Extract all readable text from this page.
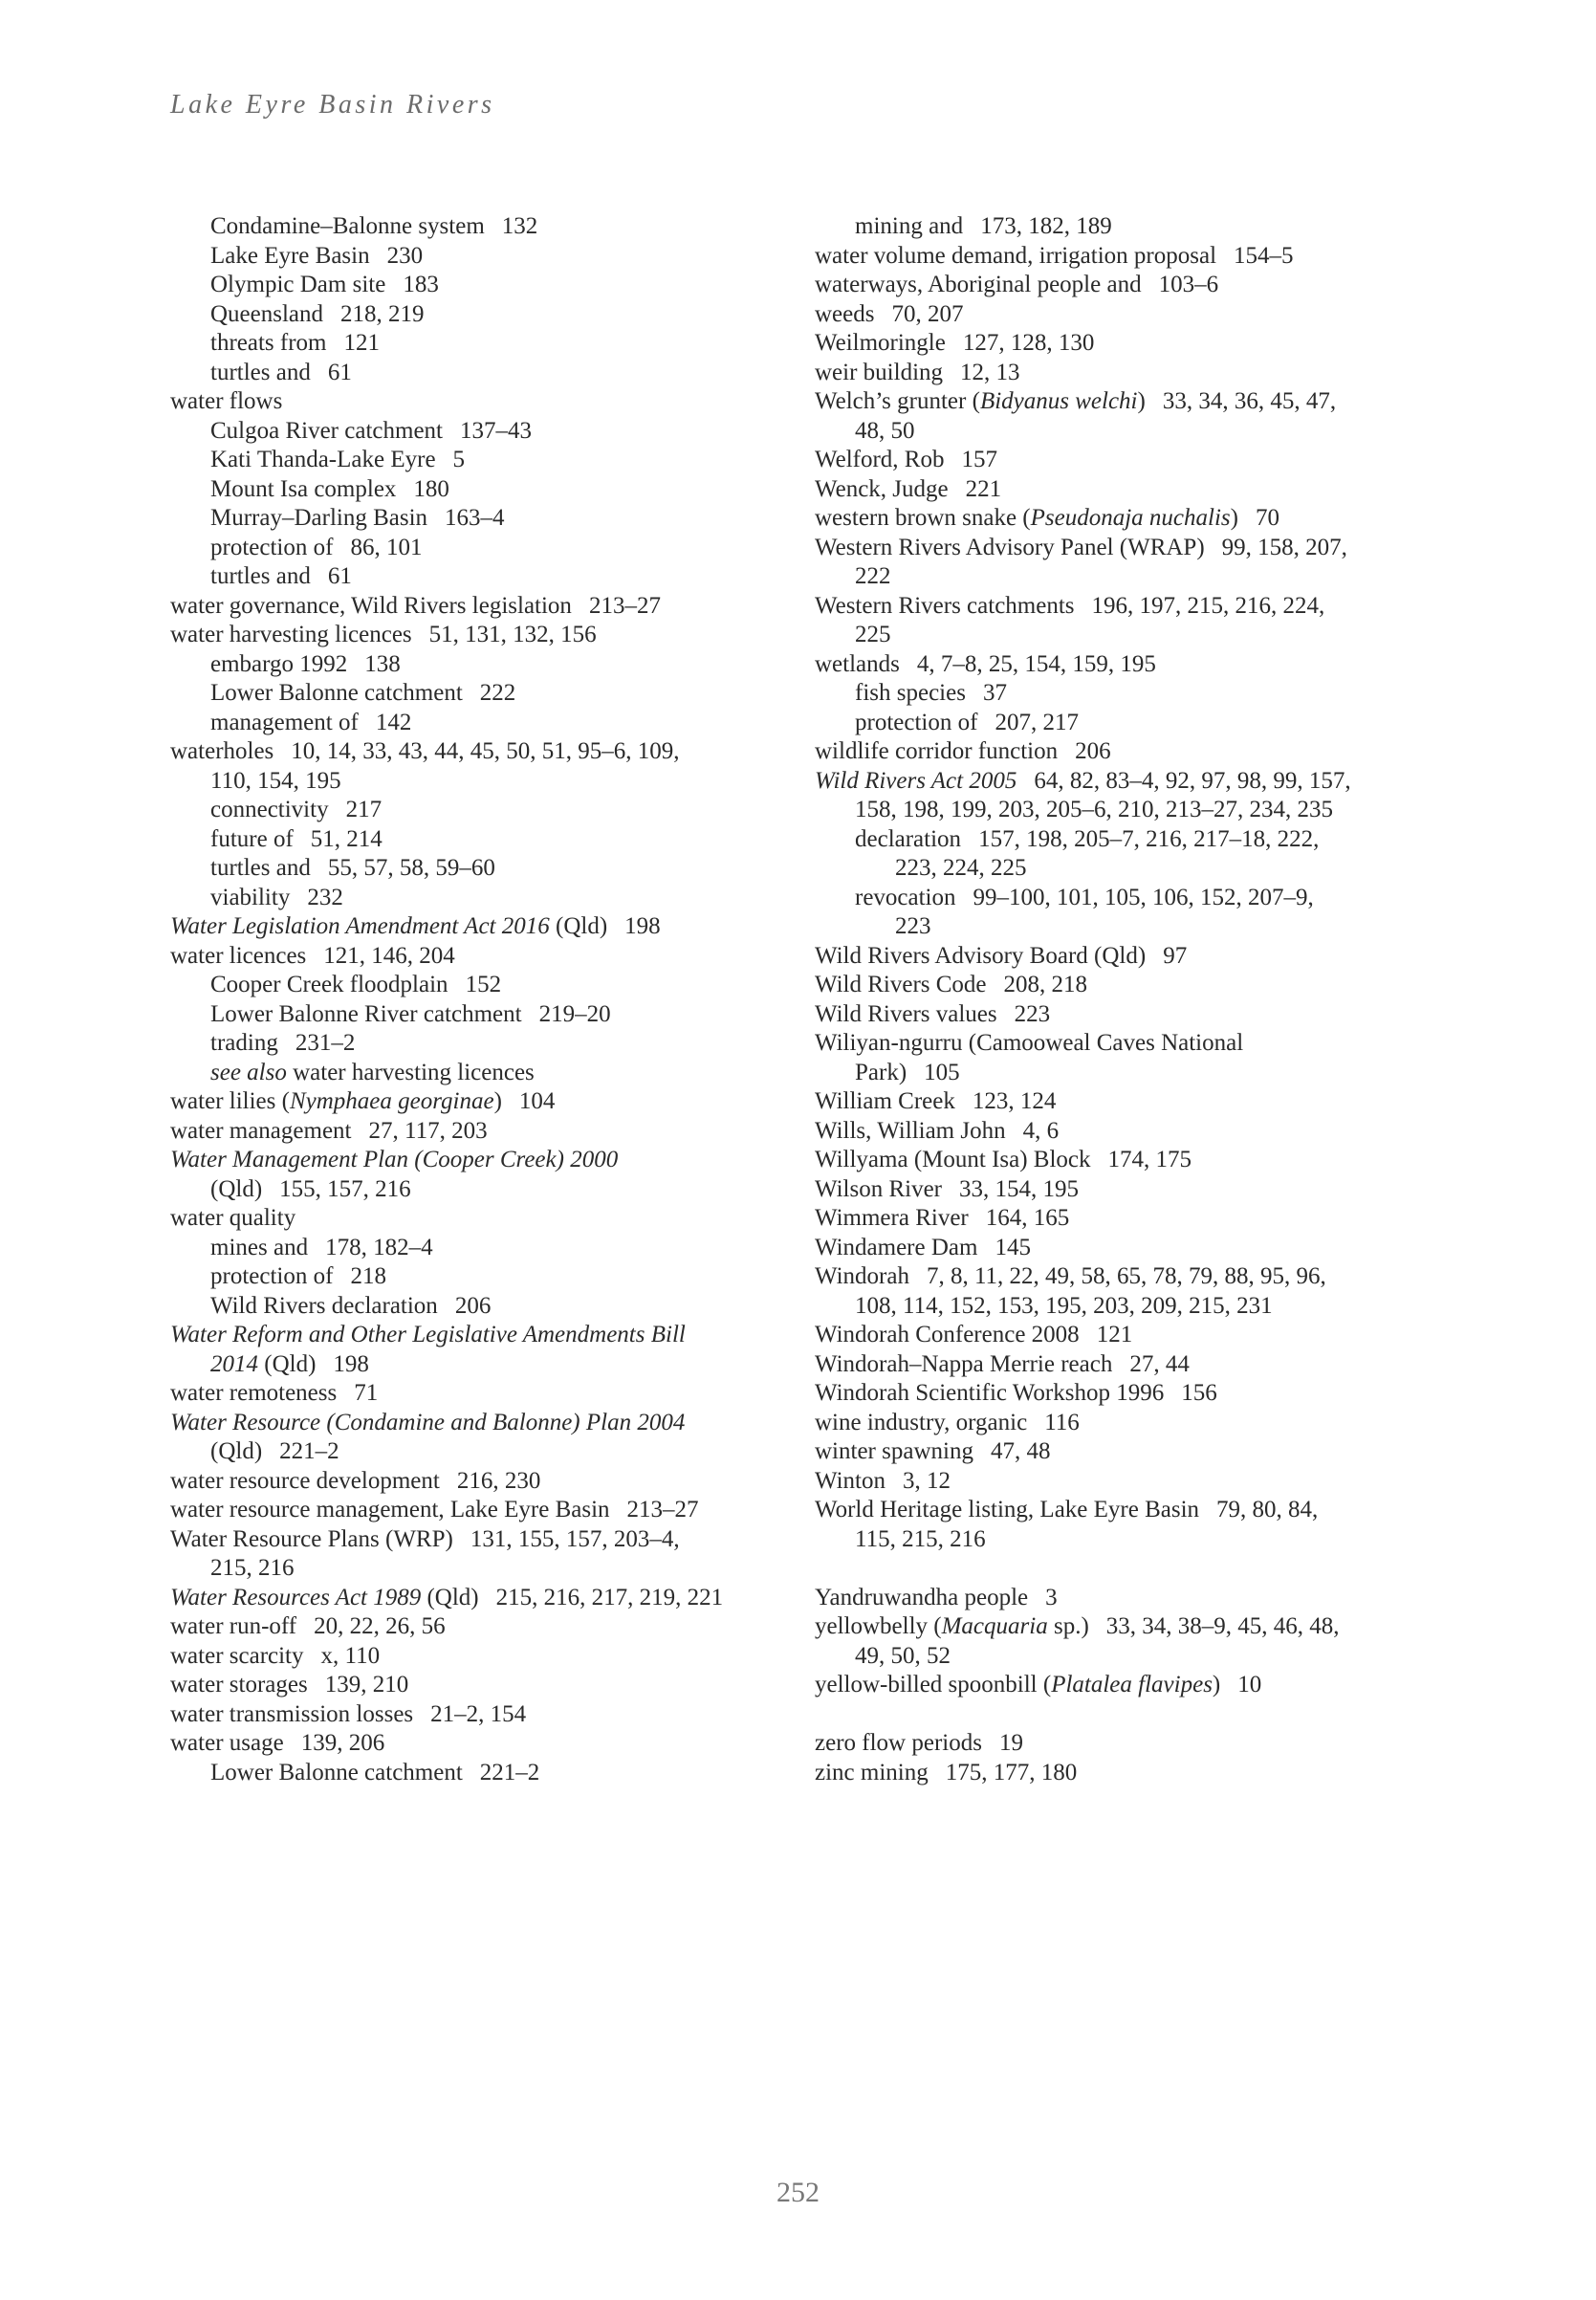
Lake Eyre Basin Rivers
Condamine–Balonne system 132
Lake Eyre Basin 230
Olympic Dam site 183
Queensland 218, 219
threats from 121
turtles and 61
water flows
Culgoa River catchment 137–43
Kati Thanda-Lake Eyre 5
Mount Isa complex 180
Murray–Darling Basin 163–4
protection of 86, 101
turtles and 61
water governance, Wild Rivers legislation 213–27
water harvesting licences 51, 131, 132, 156
embargo 1992 138
Lower Balonne catchment 222
management of 142
waterholes 10, 14, 33, 43, 44, 45, 50, 51, 95–6, 109,
110, 154, 195
connectivity 217
future of 51, 214
turtles and 55, 57, 58, 59–60
viability 232
Water Legislation Amendment Act 2016 (Qld) 198
water licences 121, 146, 204
Cooper Creek floodplain 152
Lower Balonne River catchment 219–20
trading 231–2
see also water harvesting licences
water lilies (Nymphaea georginae) 104
water management 27, 117, 203
Water Management Plan (Cooper Creek) 2000
(Qld) 155, 157, 216
water quality
mines and 178, 182–4
protection of 218
Wild Rivers declaration 206
Water Reform and Other Legislative Amendments Bill
2014 (Qld) 198
water remoteness 71
Water Resource (Condamine and Balonne) Plan 2004
(Qld) 221–2
water resource development 216, 230
water resource management, Lake Eyre Basin 213–27
Water Resource Plans (WRP) 131, 155, 157, 203–4,
215, 216
Water Resources Act 1989 (Qld) 215, 216, 217, 219, 221
water run-off 20, 22, 26, 56
water scarcity x, 110
water storages 139, 210
water transmission losses 21–2, 154
water usage 139, 206
Lower Balonne catchment 221–2
mining and 173, 182, 189
water volume demand, irrigation proposal 154–5
waterways, Aboriginal people and 103–6
weeds 70, 207
Weilmoringle 127, 128, 130
weir building 12, 13
Welch’s grunter (Bidyanus welchi) 33, 34, 36, 45, 47,
48, 50
Welford, Rob 157
Wenck, Judge 221
western brown snake (Pseudonaja nuchalis) 70
Western Rivers Advisory Panel (WRAP) 99, 158, 207,
222
Western Rivers catchments 196, 197, 215, 216, 224,
225
wetlands 4, 7–8, 25, 154, 159, 195
fish species 37
protection of 207, 217
wildlife corridor function 206
Wild Rivers Act 2005 64, 82, 83–4, 92, 97, 98, 99, 157,
158, 198, 199, 203, 205–6, 210, 213–27, 234, 235
declaration 157, 198, 205–7, 216, 217–18, 222,
223, 224, 225
revocation 99–100, 101, 105, 106, 152, 207–9,
223
Wild Rivers Advisory Board (Qld) 97
Wild Rivers Code 208, 218
Wild Rivers values 223
Wiliyan-ngurru (Camooweal Caves National
Park) 105
William Creek 123, 124
Wills, William John 4, 6
Willyama (Mount Isa) Block 174, 175
Wilson River 33, 154, 195
Wimmera River 164, 165
Windamere Dam 145
Windorah 7, 8, 11, 22, 49, 58, 65, 78, 79, 88, 95, 96,
108, 114, 152, 153, 195, 203, 209, 215, 231
Windorah Conference 2008 121
Windorah–Nappa Merrie reach 27, 44
Windorah Scientific Workshop 1996 156
wine industry, organic 116
winter spawning 47, 48
Winton 3, 12
World Heritage listing, Lake Eyre Basin 79, 80, 84,
115, 215, 216
Yandruwandha people 3
yellowbelly (Macquaria sp.) 33, 34, 38–9, 45, 46, 48,
49, 50, 52
yellow-billed spoonbill (Platalea flavipes) 10
zero flow periods 19
zinc mining 175, 177, 180
252
